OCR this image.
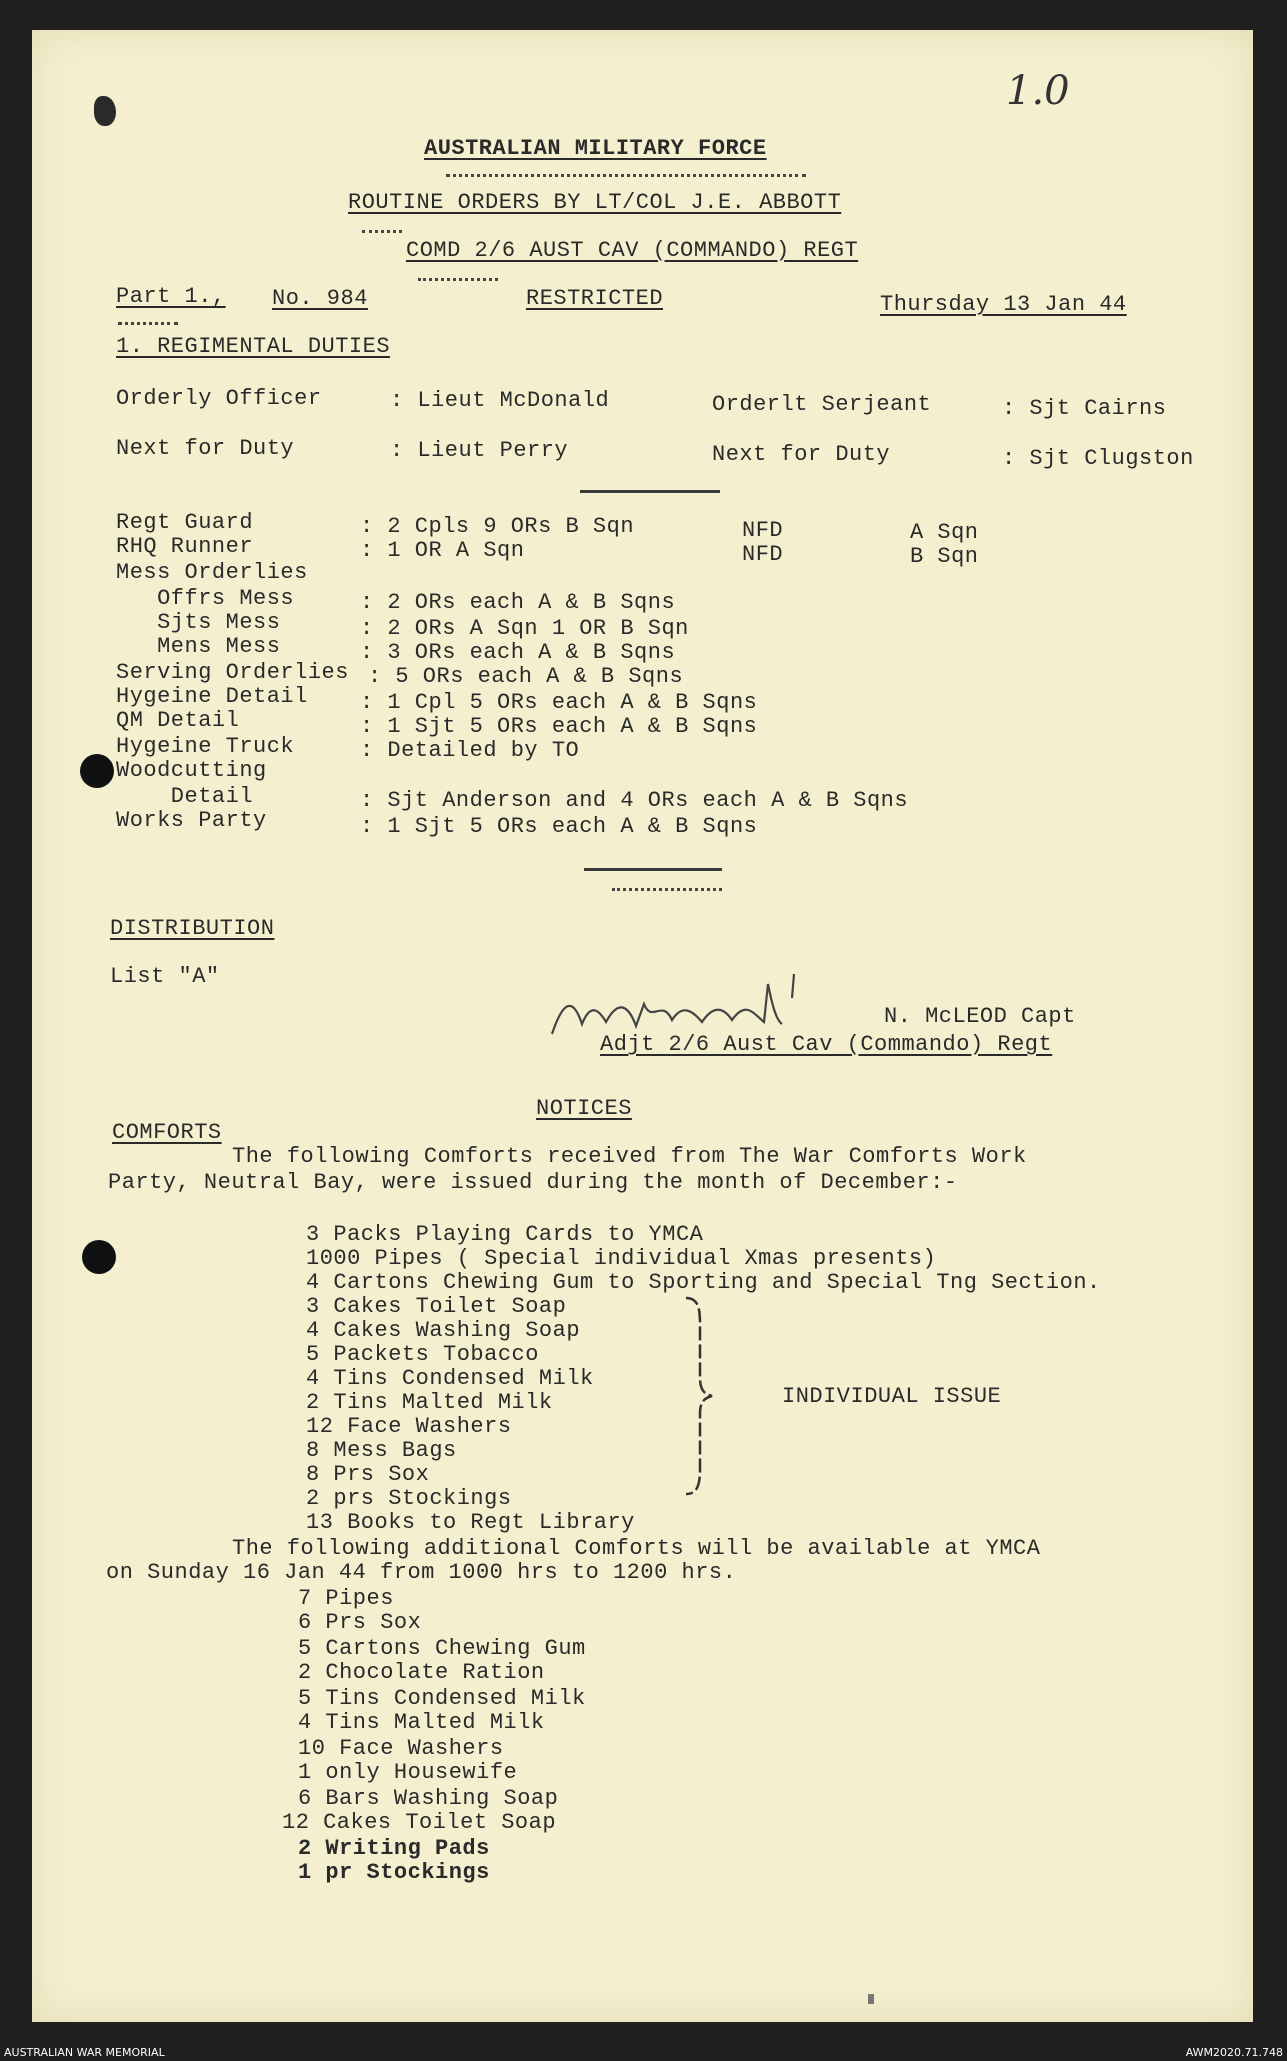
1.0
AUSTRALIAN MILITARY FORCE
ROUTINE ORDERS BY LT/COL J.E. ABBOTT
COMD 2/6 AUST CAV (COMMANDO) REGT
Part 1., No. 984	RESTRICTED	Thursday 13 Jan 44
1. REGIMENTAL DUTIES
Orderly Officer	: Lieut McDonald	Orderlt Serjeant	: Sjt Cairns
Next for Duty	: Lieut Perry	Next for Duty	: Sjt Clugston
Regt Guard	: 2 Cpls 9 ORs B Sqn	NFD	A Sqn
RHQ Runner	: 1 OR A Sqn	NFD	B Sqn
Mess Orderlies
Offrs Mess	: 2 ORs each A & B Sqns
Sjts Mess	: 2 ORs A Sqn 1 OR B Sqn
Mens Mess	: 3 ORs each A & B Sqns
Serving Orderlies : 5 ORs each A & B Sqns
Hygeine Detail : 1 Cpl 5 ORs each A & B Sqns
QM Detail	: 1 Sjt 5 ORs each A & B Sqns
Hygeine Truck	: Detailed by TO
Woodcutting
Detail	: Sjt Anderson and 4 ORs each A & B Sqns
Works Party	: 1 Sjt 5 ORs each A & B Sqns
DISTRIBUTION
List "A"
N. McLEOD Capt
Adjt 2/6 Aust Cav (Commando) Regt
NOTICES
COMFORTS
The following Comforts received from The War Comforts Work
Party, Neutral Bay, were issued during the month of December:-
3 Packs Playing Cards to YMCA
1000 Pipes ( Special individual Xmas presents)
4 Cartons Chewing Gum to Sporting and Special Tng Section.
3 Cakes Toilet Soap
4 Cakes Washing Soap
5 Packets Tobacco
4 Tins Condensed Milk
2 Tins Malted Milk
12 Face Washers
8 Mess Bags
8 Prs Sox
2 prs Stockings
13 Books to Regt Library
INDIVIDUAL ISSUE
The following additional Comforts will be available at YMCA
on Sunday 16 Jan 44 from 1000 hrs to 1200 hrs.
7 Pipes
6 Prs Sox
5 Cartons Chewing Gum
2 Chocolate Ration
5 Tins Condensed Milk
4 Tins Malted Milk
10 Face Washers
1 only Housewife
6 Bars Washing Soap
12 Cakes Toilet Soap
2 Writing Pads
1 pr Stockings
AUSTRALIAN WAR MEMORIAL	AWM2020.71.748
